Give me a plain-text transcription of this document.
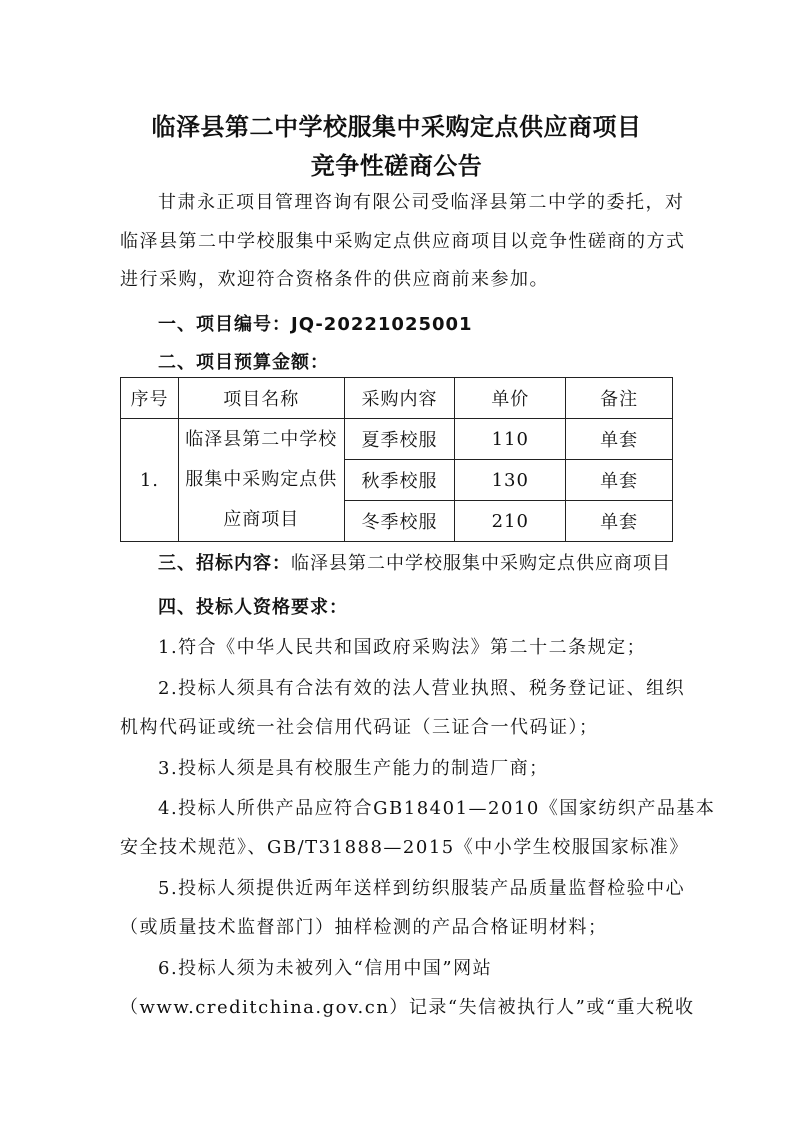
临泽县第二中学校服集中采购定点供应商项目
竞争性磋商公告
甘肃永正项目管理咨询有限公司受临泽县第二中学的委托，对
临泽县第二中学校服集中采购定点供应商项目以竞争性磋商的方式
进行采购，欢迎符合资格条件的供应商前来参加。
一、项目编号：JQ-20221025001
二、项目预算金额：
序号	项目名称	采购内容	单价	备注
1.	临泽县第二中学校
服集中采购定点供
应商项目	夏季校服	110	单套
		秋季校服	130	单套
		冬季校服	210	单套
三、招标内容：临泽县第二中学校服集中采购定点供应商项目
四、投标人资格要求：
1.符合《中华人民共和国政府采购法》第二十二条规定；
2.投标人须具有合法有效的法人营业执照、税务登记证、组织
机构代码证或统一社会信用代码证（三证合一代码证）；
3.投标人须是具有校服生产能力的制造厂商；
4.投标人所供产品应符合GB18401—2010《国家纺织产品基本
安全技术规范》、GB/T31888—2015《中小学生校服国家标准》
5.投标人须提供近两年送样到纺织服装产品质量监督检验中心
（或质量技术监督部门）抽样检测的产品合格证明材料；
6.投标人须为未被列入“信用中国”网站
（www.creditchina.gov.cn）记录“失信被执行人”或“重大税收
